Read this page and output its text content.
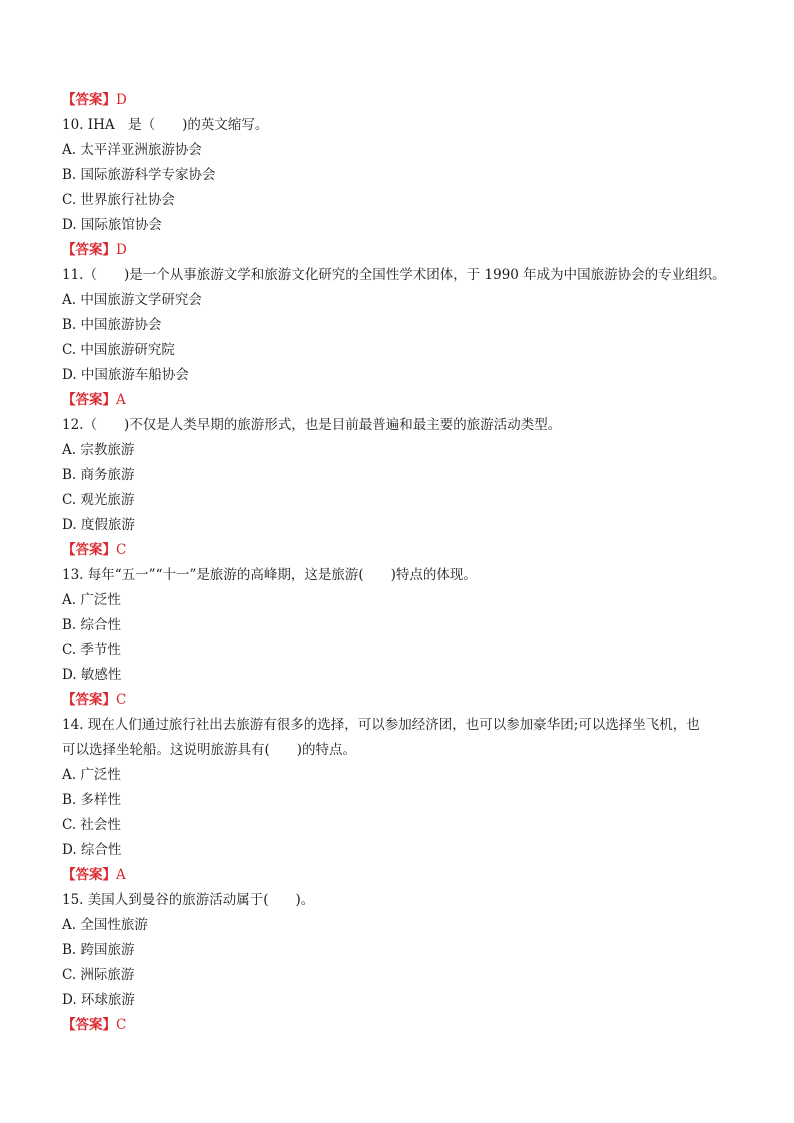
【答案】D
10. IHA　是（　　)的英文缩写。
A. 太平洋亚洲旅游协会
B. 国际旅游科学专家协会
C. 世界旅行社协会
D. 国际旅馆协会
【答案】D
11.（　　)是一个从事旅游文学和旅游文化研究的全国性学术团体，于 1990 年成为中国旅游协会的专业组织。
A. 中国旅游文学研究会
B. 中国旅游协会
C. 中国旅游研究院
D. 中国旅游车船协会
【答案】A
12.（　　)不仅是人类早期的旅游形式，也是目前最普遍和最主要的旅游活动类型。
A. 宗教旅游
B. 商务旅游
C. 观光旅游
D. 度假旅游
【答案】C
13. 每年“五一”“十一”是旅游的高峰期，这是旅游(　　)特点的体现。
A. 广泛性
B. 综合性
C. 季节性
D. 敏感性
【答案】C
14. 现在人们通过旅行社出去旅游有很多的选择，可以参加经济团，也可以参加豪华团;可以选择坐飞机，也
可以选择坐轮船。这说明旅游具有(　　)的特点。
A. 广泛性
B. 多样性
C. 社会性
D. 综合性
【答案】A
15. 美国人到曼谷的旅游活动属于(　　)。
A. 全国性旅游
B. 跨国旅游
C. 洲际旅游
D. 环球旅游
【答案】C
